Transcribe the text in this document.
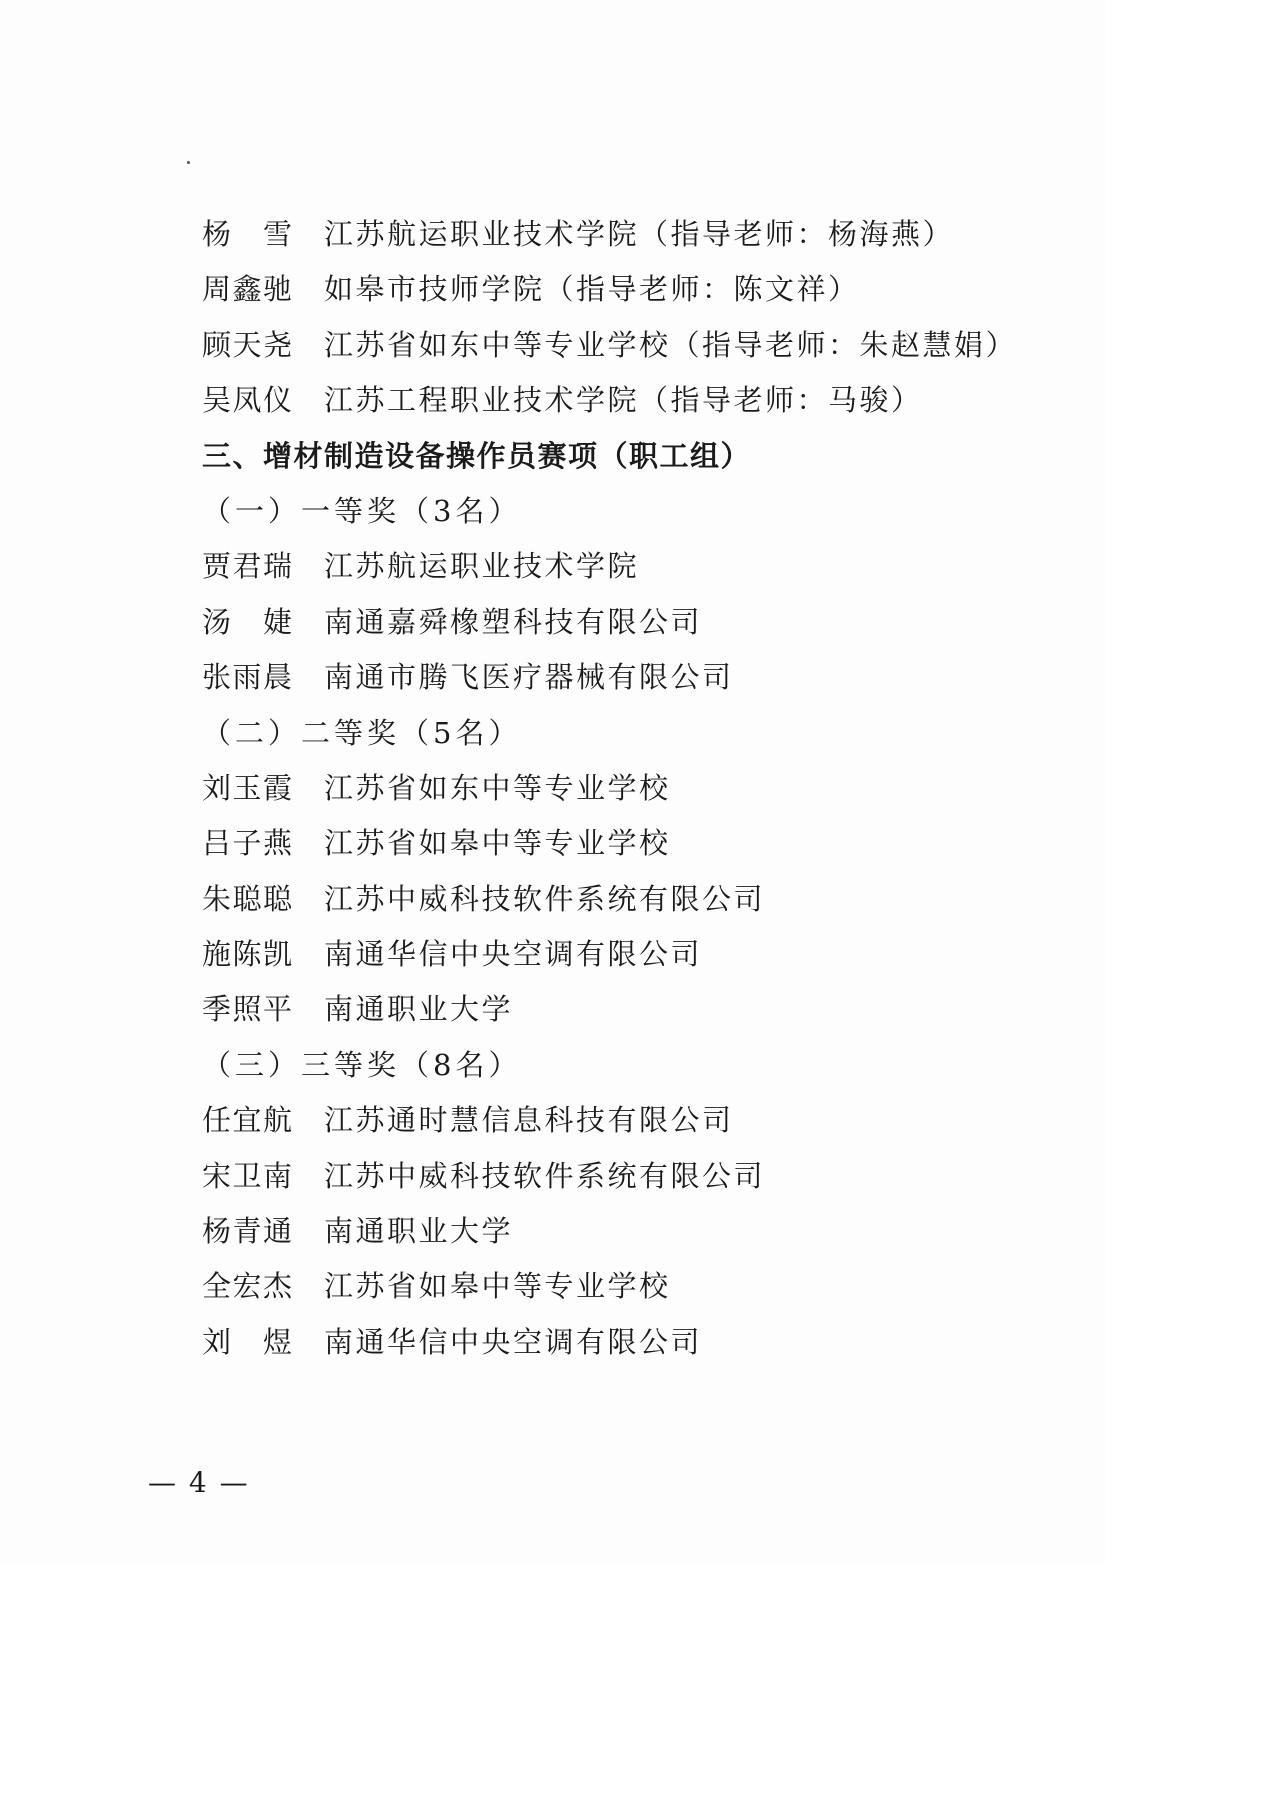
杨雪 江苏航运职业技术学院（指导老师：杨海燕）
周鑫驰 如皋市技师学院（指导老师：陈文祥）
顾天尧 江苏省如东中等专业学校（指导老师：朱赵慧娟）
吴凤仪 江苏工程职业技术学院（指导老师：马骏）
三、增材制造设备操作员赛项（职工组）
（一）一等奖（3名）
贾君瑞 江苏航运职业技术学院
汤婕 南通嘉舜橡塑科技有限公司
张雨晨 南通市腾飞医疗器械有限公司
（二）二等奖（5名）
刘玉霞 江苏省如东中等专业学校
吕子燕 江苏省如皋中等专业学校
朱聪聪 江苏中威科技软件系统有限公司
施陈凯 南通华信中央空调有限公司
季照平 南通职业大学
（三）三等奖（8名）
任宜航 江苏通时慧信息科技有限公司
宋卫南 江苏中威科技软件系统有限公司
杨青通 南通职业大学
全宏杰 江苏省如皋中等专业学校
刘煜 南通华信中央空调有限公司
— 4 —
